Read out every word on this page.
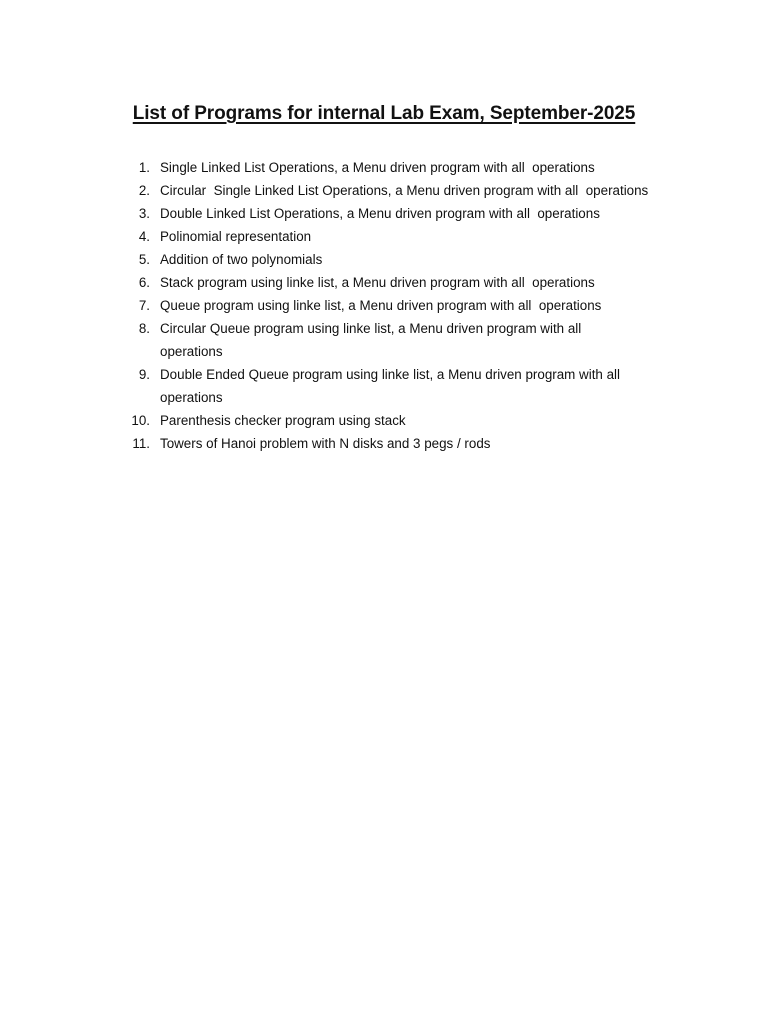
List of Programs for internal Lab Exam, September-2025
1. Single Linked List Operations, a Menu driven program with all  operations
2. Circular  Single Linked List Operations, a Menu driven program with all  operations
3. Double Linked List Operations, a Menu driven program with all  operations
4. Polinomial representation
5. Addition of two polynomials
6. Stack program using linke list, a Menu driven program with all  operations
7. Queue program using linke list, a Menu driven program with all  operations
8. Circular Queue program using linke list, a Menu driven program with all  operations
9. Double Ended Queue program using linke list, a Menu driven program with all operations
10. Parenthesis checker program using stack
11. Towers of Hanoi problem with N disks and 3 pegs / rods
